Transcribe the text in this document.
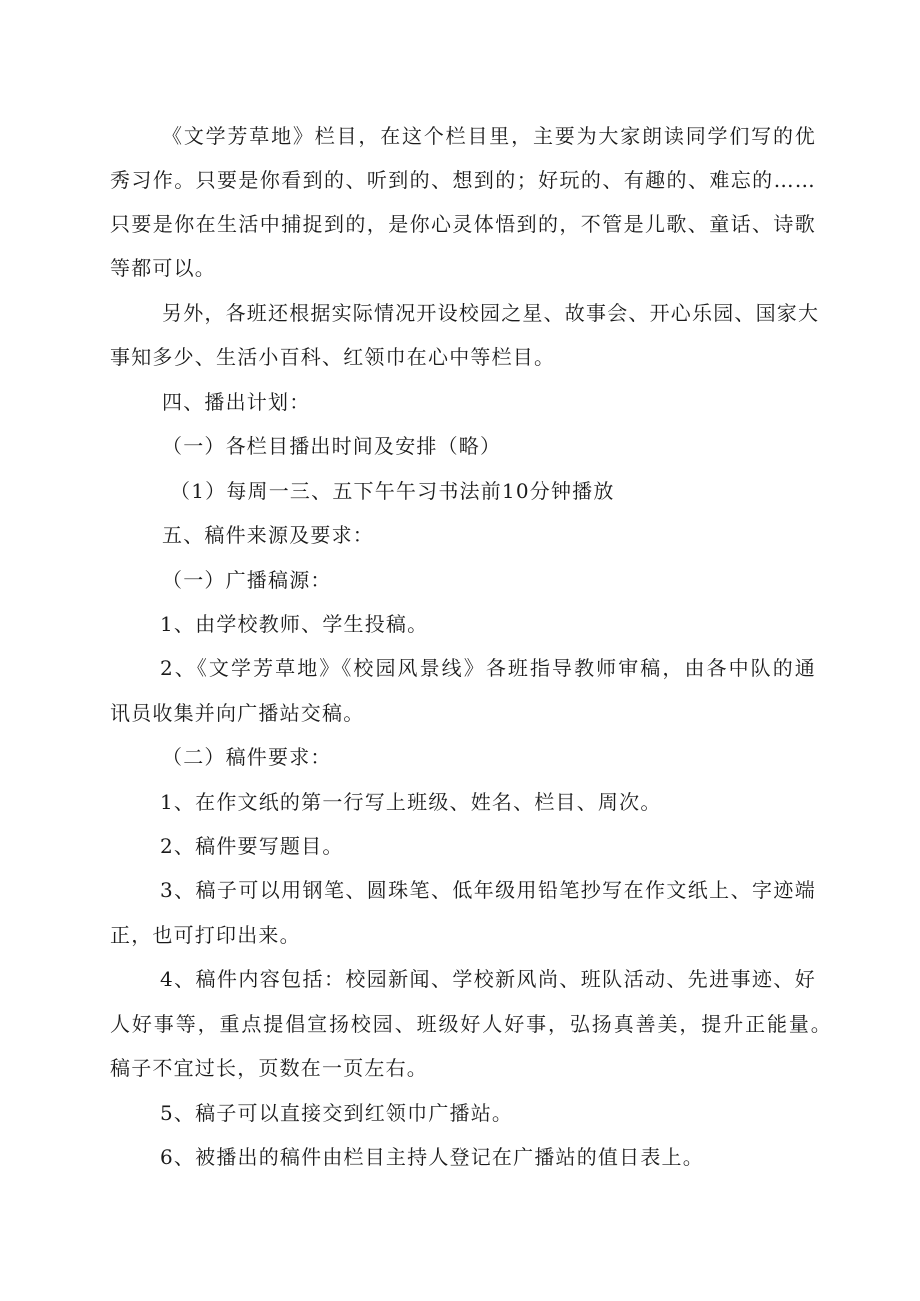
《文学芳草地》栏目，在这个栏目里，主要为大家朗读同学们写的优
秀习作。只要是你看到的、听到的、想到的；好玩的、有趣的、难忘的……
只要是你在生活中捕捉到的，是你心灵体悟到的，不管是儿歌、童话、诗歌
等都可以。
另外，各班还根据实际情况开设校园之星、故事会、开心乐园、国家大
事知多少、生活小百科、红领巾在心中等栏目。
四、播出计划：
（一）各栏目播出时间及安排（略）
（1）每周一三、五下午午习书法前10分钟播放
五、稿件来源及要求：
（一）广播稿源：
1、由学校教师、学生投稿。
2、《文学芳草地》《校园风景线》各班指导教师审稿，由各中队的通
讯员收集并向广播站交稿。
（二）稿件要求：
1、在作文纸的第一行写上班级、姓名、栏目、周次。
2、稿件要写题目。
3、稿子可以用钢笔、圆珠笔、低年级用铅笔抄写在作文纸上、字迹端
正，也可打印出来。
4、稿件内容包括：校园新闻、学校新风尚、班队活动、先进事迹、好
人好事等，重点提倡宣扬校园、班级好人好事，弘扬真善美，提升正能量。
稿子不宜过长，页数在一页左右。
5、稿子可以直接交到红领巾广播站。
6、被播出的稿件由栏目主持人登记在广播站的值日表上。
